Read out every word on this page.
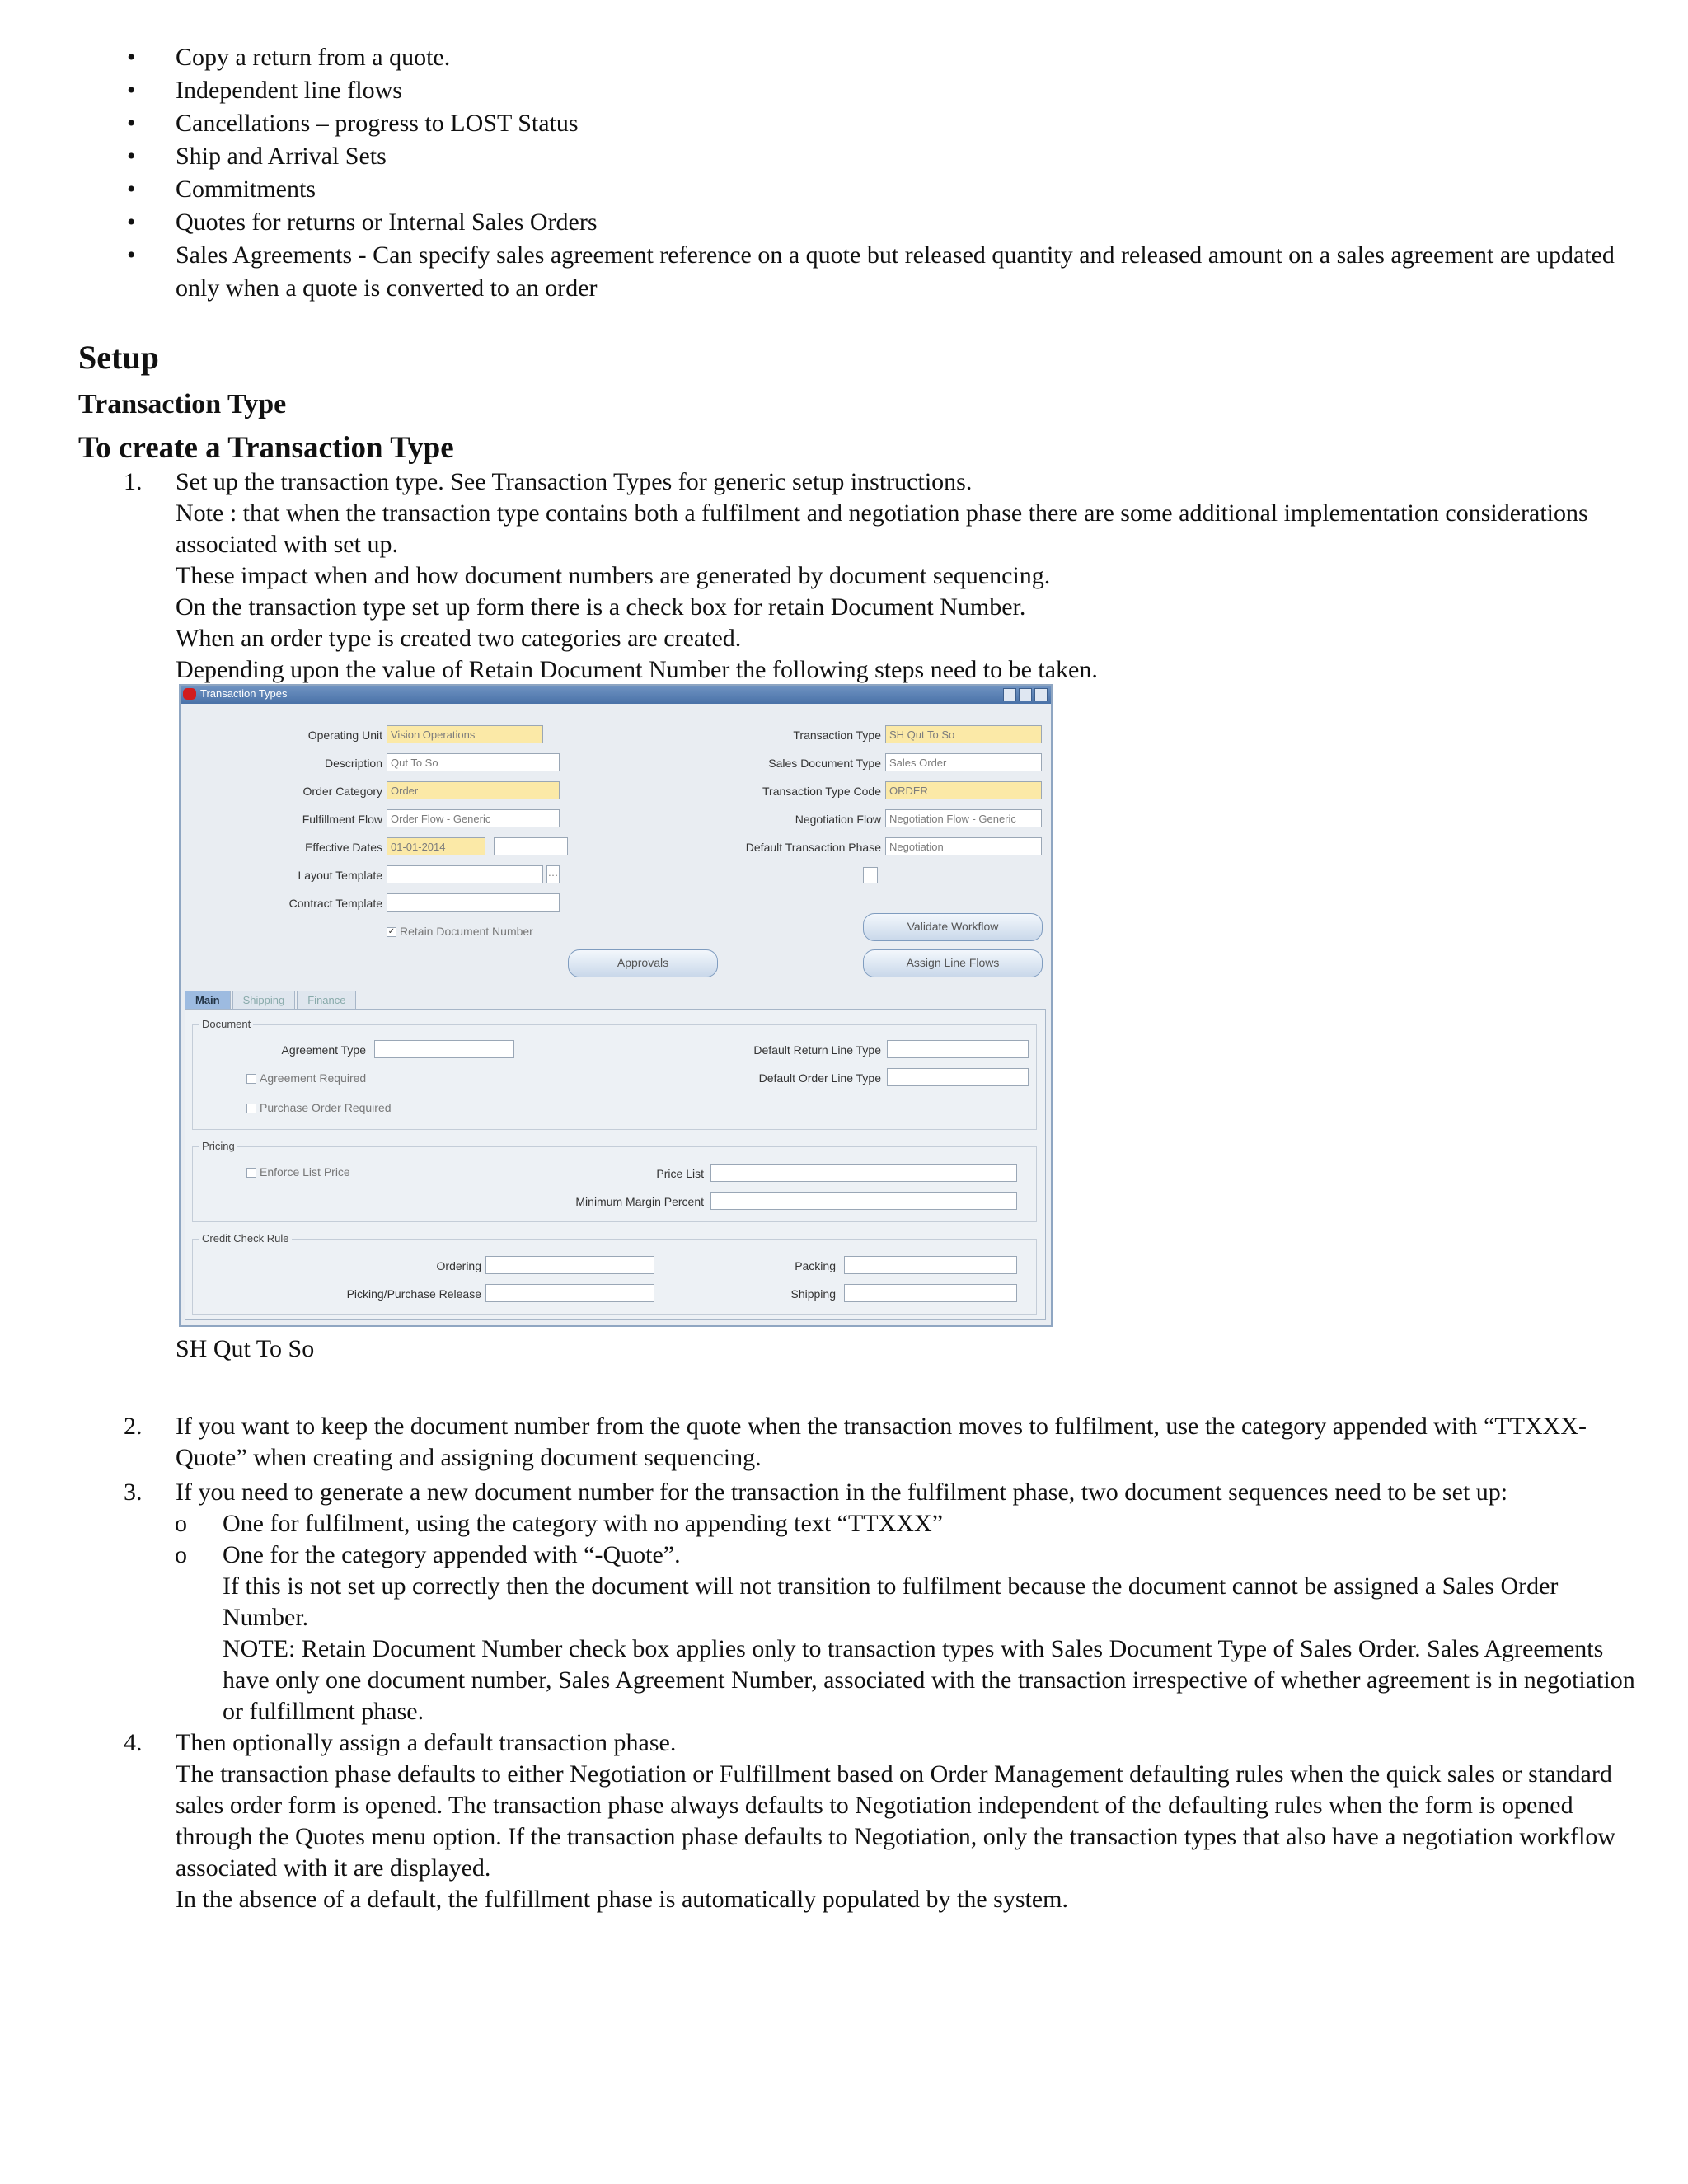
• Copy a return from a quote.
• Independent line flows
• Cancellations – progress to LOST Status
• Ship and Arrival Sets
• Commitments
• Quotes for returns or Internal Sales Orders
• Sales Agreements - Can specify sales agreement reference on a quote but released quantity and released amount on a sales agreement are updated only when a quote is converted to an order
Setup
Transaction Type
To create a Transaction Type
1. Set up the transaction type. See Transaction Types for generic setup instructions.

Note : that when the transaction type contains both a fulfilment and negotiation phase there are some additional implementation considerations associated with set up.

These impact when and how document numbers are generated by document sequencing.

On the transaction type set up form there is a check box for retain Document Number.

When an order type is created two categories are created.

Depending upon the value of Retain Document Number the following steps need to be taken.

Transaction Types
Operating Unit Vision Operations
Description Qut To So
Order Category Order
Fulfillment Flow Order Flow - Generic
Effective Dates 01-01-2014
Layout Template	…
Contract Template
✓ Retain Document Number
Transaction Type SH Qut To So
Sales Document Type Sales Order
Transaction Type Code ORDER
Negotiation Flow Negotiation Flow - Generic
Default Transaction Phase Negotiation
Validate Workflow
Approvals	Assign Line Flows
Main Shipping Finance
Document
Agreement Type
Agreement Required
Purchase Order Required
Default Return Line Type
Default Order Line Type
Pricing
Enforce List Price	Price List
Minimum Margin Percent
Credit Check Rule
Ordering
Picking/Purchase Release
Packing
Shipping
SH Qut To So
2. If you want to keep the document number from the quote when the transaction moves to fulfilment, use the category appended with “TTXXX-Quote” when creating and assigning document sequencing.

3. If you need to generate a new document number for the transaction in the fulfilment phase, two document sequences need to be set up:

o One for fulfilment, using the category with no appending text “TTXXX”

o One for the category appended with “-Quote”.

If this is not set up correctly then the document will not transition to fulfilment because the document cannot be assigned a Sales Order Number.

NOTE: Retain Document Number check box applies only to transaction types with Sales Document Type of Sales Order. Sales Agreements have only one document number, Sales Agreement Number, associated with the transaction irrespective of whether agreement is in negotiation or fulfillment phase.

4. Then optionally assign a default transaction phase.

The transaction phase defaults to either Negotiation or Fulfillment based on Order Management defaulting rules when the quick sales or standard sales order form is opened. The transaction phase always defaults to Negotiation independent of the defaulting rules when the form is opened through the Quotes menu option. If the transaction phase defaults to Negotiation, only the transaction types that also have a negotiation workflow associated with it are displayed.

In the absence of a default, the fulfillment phase is automatically populated by the system.
